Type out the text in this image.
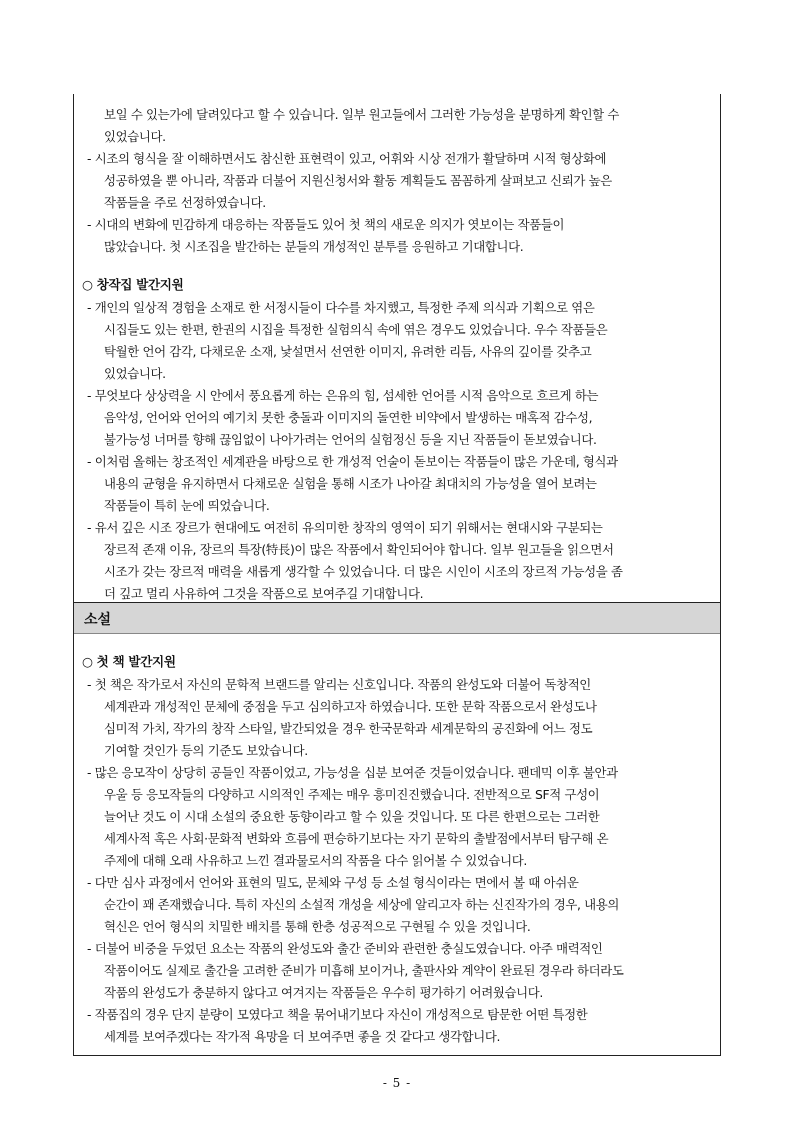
보일 수 있는가에 달려있다고 할 수 있습니다. 일부 원고들에서 그러한 가능성을 분명하게 확인할 수
있었습니다.
- 시조의 형식을 잘 이해하면서도 참신한 표현력이 있고, 어휘와 시상 전개가 활달하며 시적 형상화에
성공하였을 뿐 아니라, 작품과 더불어 지원신청서와 활동 계획들도 꼼꼼하게 살펴보고 신뢰가 높은
작품들을 주로 선정하였습니다.
- 시대의 변화에 민감하게 대응하는 작품들도 있어 첫 책의 새로운 의지가 엿보이는 작품들이
많았습니다. 첫 시조집을 발간하는 분들의 개성적인 분투를 응원하고 기대합니다.
○ 창작집 발간지원
- 개인의 일상적 경험을 소재로 한 서정시들이 다수를 차지했고, 특정한 주제 의식과 기획으로 엮은
시집들도 있는 한편, 한권의 시집을 특정한 실험의식 속에 엮은 경우도 있었습니다. 우수 작품들은
탁월한 언어 감각, 다채로운 소재, 낯설면서 선연한 이미지, 유려한 리듬, 사유의 깊이를 갖추고
있었습니다.
- 무엇보다 상상력을 시 안에서 풍요롭게 하는 은유의 힘, 섬세한 언어를 시적 음악으로 흐르게 하는
음악성, 언어와 언어의 예기치 못한 충돌과 이미지의 돌연한 비약에서 발생하는 매혹적 감수성,
불가능성 너머를 향해 끊임없이 나아가려는 언어의 실험정신 등을 지닌 작품들이 돋보였습니다.
- 이처럼 올해는 창조적인 세계관을 바탕으로 한 개성적 언술이 돋보이는 작품들이 많은 가운데, 형식과
내용의 균형을 유지하면서 다채로운 실험을 통해 시조가 나아갈 최대치의 가능성을 열어 보려는
작품들이 특히 눈에 띄었습니다.
- 유서 깊은 시조 장르가 현대에도 여전히 유의미한 창작의 영역이 되기 위해서는 현대시와 구분되는
장르적 존재 이유, 장르의 특장(特長)이 많은 작품에서 확인되어야 합니다. 일부 원고들을 읽으면서
시조가 갖는 장르적 매력을 새롭게 생각할 수 있었습니다. 더 많은 시인이 시조의 장르적 가능성을 좀
더 깊고 멀리 사유하여 그것을 작품으로 보여주길 기대합니다.
소설
○ 첫 책 발간지원
- 첫 책은 작가로서 자신의 문학적 브랜드를 알리는 신호입니다. 작품의 완성도와 더불어 독창적인
세계관과 개성적인 문체에 중점을 두고 심의하고자 하였습니다. 또한 문학 작품으로서 완성도나
심미적 가치, 작가의 창작 스타일, 발간되었을 경우 한국문학과 세계문학의 공진화에 어느 정도
기여할 것인가 등의 기준도 보았습니다.
- 많은 응모작이 상당히 공들인 작품이었고, 가능성을 십분 보여준 것들이었습니다. 팬데믹 이후 불안과
우울 등 응모작들의 다양하고 시의적인 주제는 매우 흥미진진했습니다. 전반적으로 SF적 구성이
늘어난 것도 이 시대 소설의 중요한 동향이라고 할 수 있을 것입니다. 또 다른 한편으로는 그러한
세계사적 혹은 사회·문화적 변화와 흐름에 편승하기보다는 자기 문학의 출발점에서부터 탐구해 온
주제에 대해 오래 사유하고 느낀 결과물로서의 작품을 다수 읽어볼 수 있었습니다.
- 다만 심사 과정에서 언어와 표현의 밀도, 문체와 구성 등 소설 형식이라는 면에서 볼 때 아쉬운
순간이 꽤 존재했습니다. 특히 자신의 소설적 개성을 세상에 알리고자 하는 신진작가의 경우, 내용의
혁신은 언어 형식의 치밀한 배치를 통해 한층 성공적으로 구현될 수 있을 것입니다.
- 더불어 비중을 두었던 요소는 작품의 완성도와 출간 준비와 관련한 충실도였습니다. 아주 매력적인
작품이어도 실제로 출간을 고려한 준비가 미흡해 보이거나, 출판사와 계약이 완료된 경우라 하더라도
작품의 완성도가 충분하지 않다고 여겨지는 작품들은 우수히 평가하기 어려웠습니다.
- 작품집의 경우 단지 분량이 모였다고 책을 묶어내기보다 자신이 개성적으로 탐문한 어떤 특정한
세계를 보여주겠다는 작가적 욕망을 더 보여주면 좋을 것 같다고 생각합니다.
- 5 -
